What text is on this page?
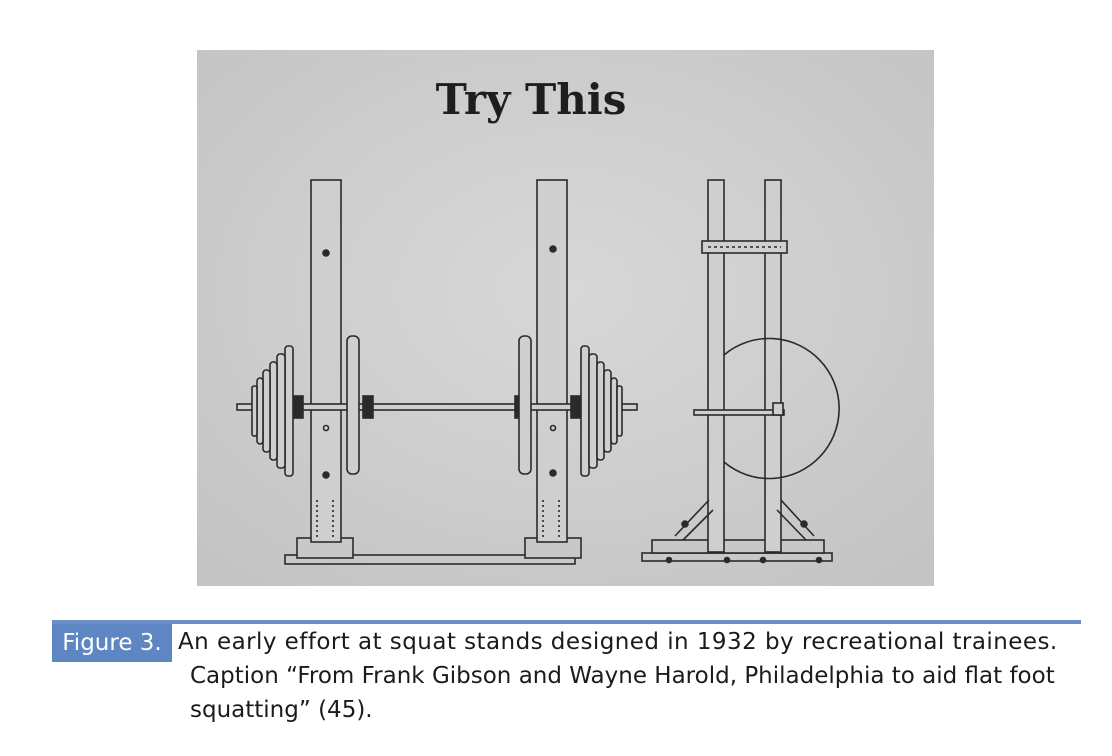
Try This
Figure 3. An early effort at squat stands designed in 1932 by recreational trainees.
Caption “From Frank Gibson and Wayne Harold, Philadelphia to aid flat foot
squatting” (45).
